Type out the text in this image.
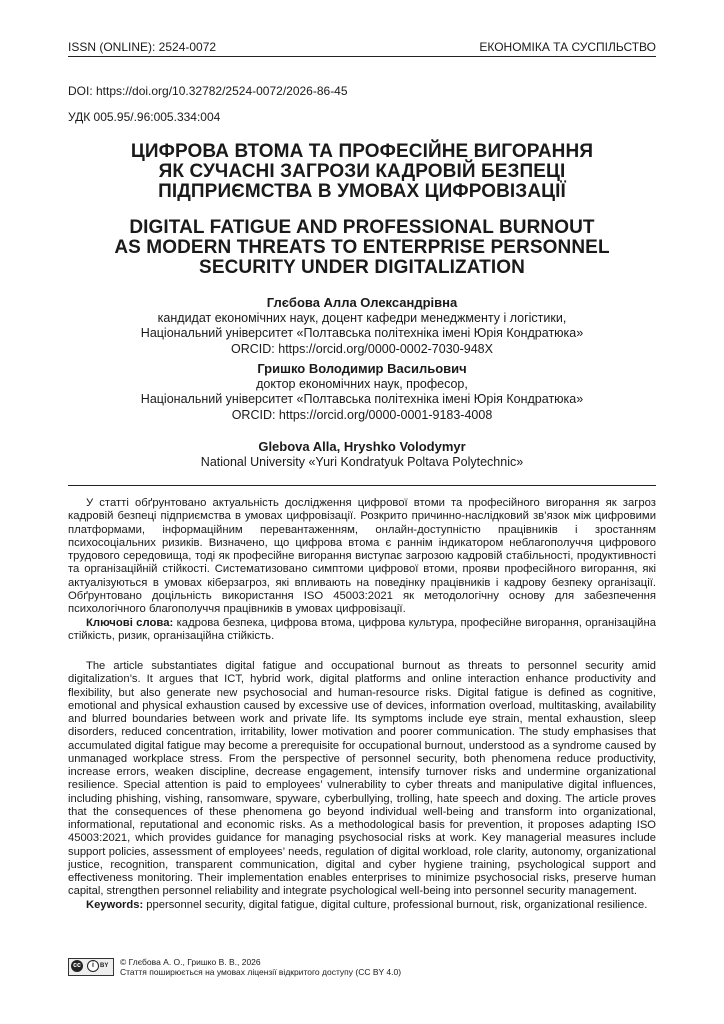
ISSN (ONLINE): 2524-0072	ЕКОНОМІКА ТА СУСПІЛЬСТВО
DOI: https://doi.org/10.32782/2524-0072/2026-86-45
УДК 005.95/.96:005.334:004
ЦИФРОВА ВТОМА ТА ПРОФЕСІЙНЕ ВИГОРАННЯ
ЯК СУЧАСНІ ЗАГРОЗИ КАДРОВІЙ БЕЗПЕЦІ
ПІДПРИЄМСТВА В УМОВАХ ЦИФРОВІЗАЦІЇ
DIGITAL FATIGUE AND PROFESSIONAL BURNOUT
AS MODERN THREATS TO ENTERPRISE PERSONNEL
SECURITY UNDER DIGITALIZATION
Глєбова Алла Олександрівна
кандидат економічних наук, доцент кафедри менеджменту і логістики,
Національний університет «Полтавська політехніка імені Юрія Кондратюка»
ORCID: https://orcid.org/0000-0002-7030-948X
Гришко Володимир Васильович
доктор економічних наук, професор,
Національний університет «Полтавська політехніка імені Юрія Кондратюка»
ORCID: https://orcid.org/0000-0001-9183-4008
Glebova Alla, Hryshko Volodymyr
National University «Yuri Kondratyuk Poltava Polytechnic»

У статті обґрунтовано актуальність дослідження цифрової втоми та професійного вигорання як загроз кадровій безпеці підприємства в умовах цифровізації. Розкрито причинно-наслідковий зв’язок між цифровими платформами, інформаційним перевантаженням, онлайн-доступністю працівників і зростанням психосоціальних ризиків. Визначено, що цифрова втома є раннім індикатором неблагополуччя цифрового трудового середовища, тоді як професійне вигорання виступає загрозою кадровій стабільності, продуктивності та організаційній стійкості. Систематизовано симптоми цифрової втоми, прояви професійного вигорання, які актуалізуються в умовах кіберзагроз, які впливають на поведінку працівників і кадрову безпеку організації. Обґрунтовано доцільність використання ISO 45003:2021 як методологічну основу для забезпечення психологічного благополуччя працівників в умовах цифровізації.

Ключові слова: кадрова безпека, цифрова втома, цифрова культура, професійне вигорання, організаційна стійкість, ризик, організаційна стійкість.

The article substantiates digital fatigue and occupational burnout as threats to personnel security amid digitalization’s. It argues that ICT, hybrid work, digital platforms and online interaction enhance productivity and flexibility, but also generate new psychosocial and human-resource risks. Digital fatigue is defined as cognitive, emotional and physical exhaustion caused by excessive use of devices, information overload, multitasking, availability and blurred boundaries between work and private life. Its symptoms include eye strain, mental exhaustion, sleep disorders, reduced concentration, irritability, lower motivation and poorer communication. The study emphasises that accumulated digital fatigue may become a prerequisite for occupational burnout, understood as a syndrome caused by unmanaged workplace stress. From the perspective of personnel security, both phenomena reduce productivity, increase errors, weaken discipline, decrease engagement, intensify turnover risks and undermine organizational resilience. Special attention is paid to employees’ vulnerability to cyber threats and manipulative digital influences, including phishing, vishing, ransomware, spyware, cyberbullying, trolling, hate speech and doxing. The article proves that the consequences of these phenomena go beyond individual well-being and transform into organizational, informational, reputational and economic risks. As a methodological basis for prevention, it proposes adapting ISO 45003:2021, which provides guidance for managing psychosocial risks at work. Key managerial measures include support policies, assessment of employees’ needs, regulation of digital workload, role clarity, autonomy, organizational justice, recognition, transparent communication, digital and cyber hygiene training, psychological support and effectiveness monitoring. Their implementation enables enterprises to minimize psychosocial risks, preserve human capital, strengthen personnel reliability and integrate psychological well-being into personnel security management.

Keywords: ppersonnel security, digital fatigue, digital culture, professional burnout, risk, organizational resilience.

cc	i	BY © Глєбова А. О., Гришко В. В., 2026
Стаття поширюється на умовах ліцензії відкритого доступу (CC BY 4.0)
